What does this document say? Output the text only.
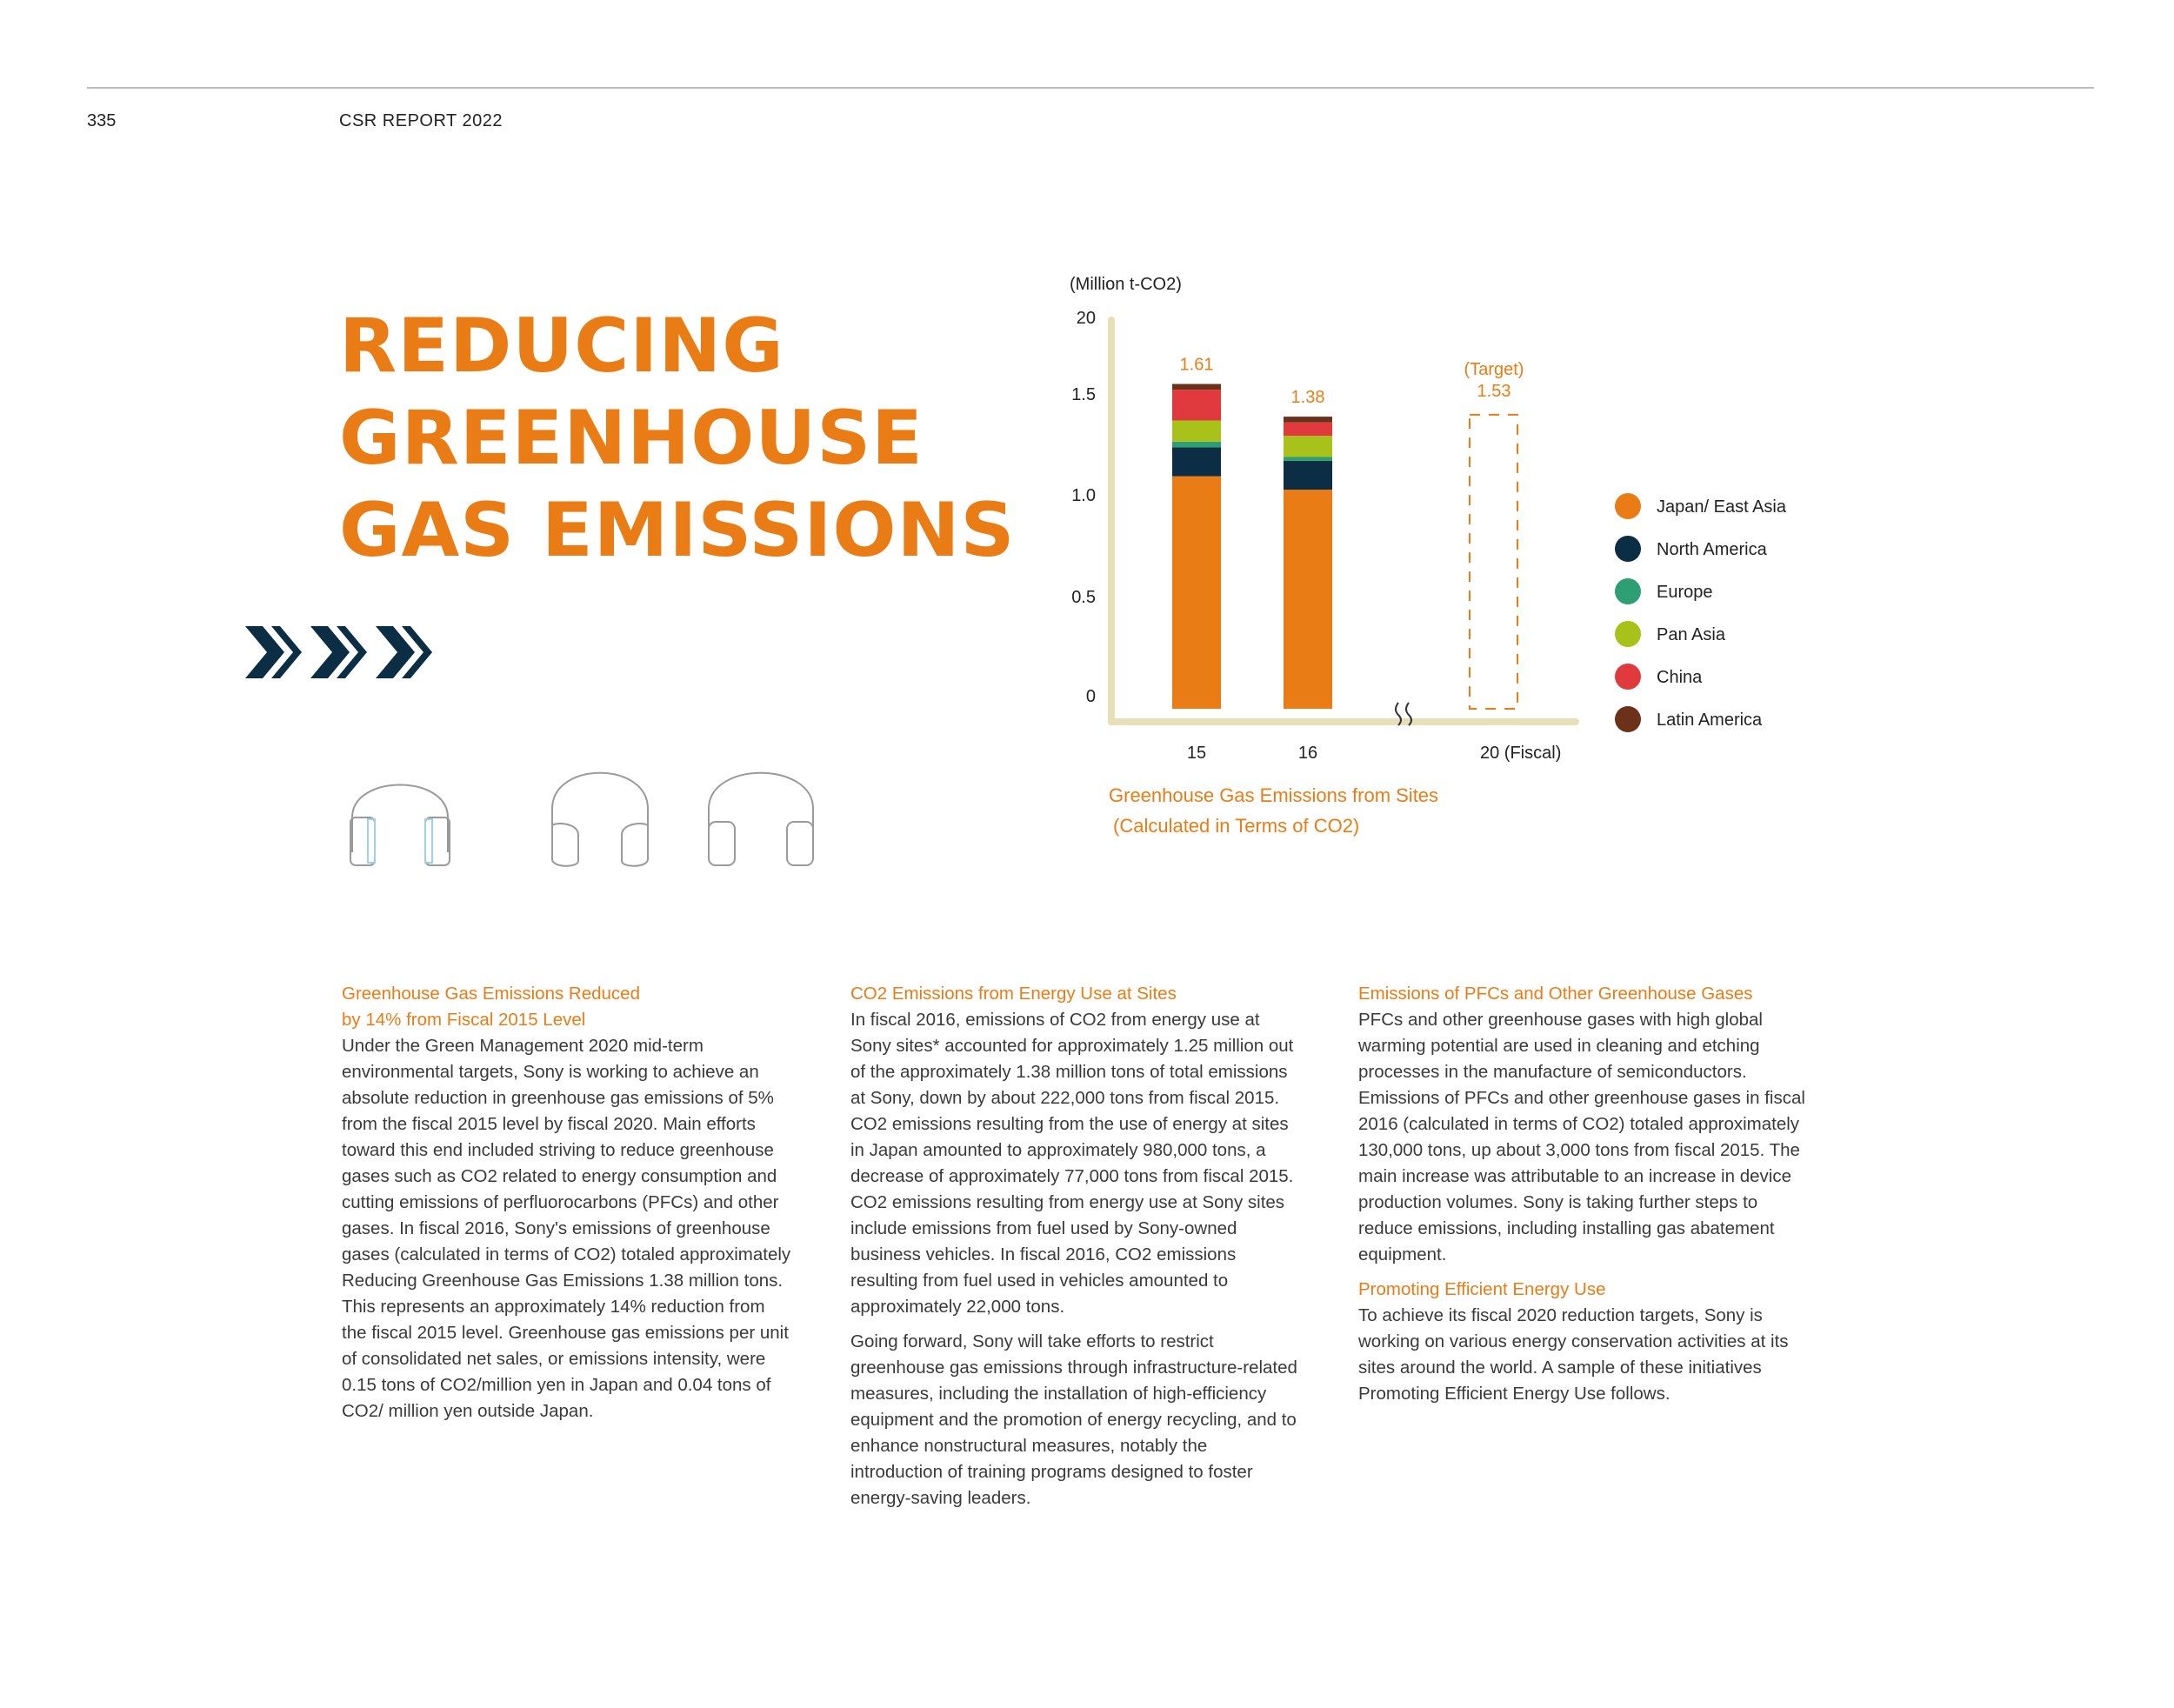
335	CSR REPORT 2022
REDUCING
GREENHOUSE
GAS EMISSIONS
(Million t-CO2)
0
0.5
1.0
1.5
20
1.61
1.38
(Target)
1.53
15	16	20 (Fiscal)
Japan/ East Asia
North America
Europe
Pan Asia
China
Latin America
Greenhouse Gas Emissions from Sites
(Calculated in Terms of CO2)
Greenhouse Gas Emissions Reduced
by 14% from Fiscal 2015 Level

Under the Green Management 2020 mid-term environmental targets, Sony is working to achieve an absolute reduction in greenhouse gas emissions of 5% from the fiscal 2015 level by fiscal 2020. Main efforts toward this end included striving to reduce greenhouse gases such as CO2 related to energy consumption and cutting emissions of perfluorocarbons (PFCs) and other gases. In fiscal 2016, Sony's emissions of greenhouse gases (calculated in terms of CO2) totaled approximately Reducing Greenhouse Gas Emissions 1.38 million tons. This represents an approximately 14% reduction from the fiscal 2015 level. Greenhouse gas emissions per unit of consolidated net sales, or emissions intensity, were 0.15 tons of CO2/million yen in Japan and 0.04 tons of CO2/ million yen outside Japan.

CO2 Emissions from Energy Use at Sites

In fiscal 2016, emissions of CO2 from energy use at Sony sites* accounted for approximately 1.25 million out of the approximately 1.38 million tons of total emissions at Sony, down by about 222,000 tons from fiscal 2015. CO2 emissions resulting from the use of energy at sites in Japan amounted to approximately 980,000 tons, a decrease of approximately 77,000 tons from fiscal 2015. CO2 emissions resulting from energy use at Sony sites include emissions from fuel used by Sony-owned business vehicles. In fiscal 2016, CO2 emissions resulting from fuel used in vehicles amounted to approximately 22,000 tons.

Going forward, Sony will take efforts to restrict greenhouse gas emissions through infrastructure-related measures, including the installation of high-efficiency equipment and the promotion of energy recycling, and to enhance nonstructural measures, notably the introduction of training programs designed to foster energy-saving leaders.

Emissions of PFCs and Other Greenhouse Gases

PFCs and other greenhouse gases with high global warming potential are used in cleaning and etching processes in the manufacture of semiconductors. Emissions of PFCs and other greenhouse gases in fiscal 2016 (calculated in terms of CO2) totaled approximately 130,000 tons, up about 3,000 tons from fiscal 2015. The main increase was attributable to an increase in device production volumes. Sony is taking further steps to reduce emissions, including installing gas abatement equipment.

Promoting Efficient Energy Use

To achieve its fiscal 2020 reduction targets, Sony is working on various energy conservation activities at its sites around the world. A sample of these initiatives Promoting Efficient Energy Use follows.
